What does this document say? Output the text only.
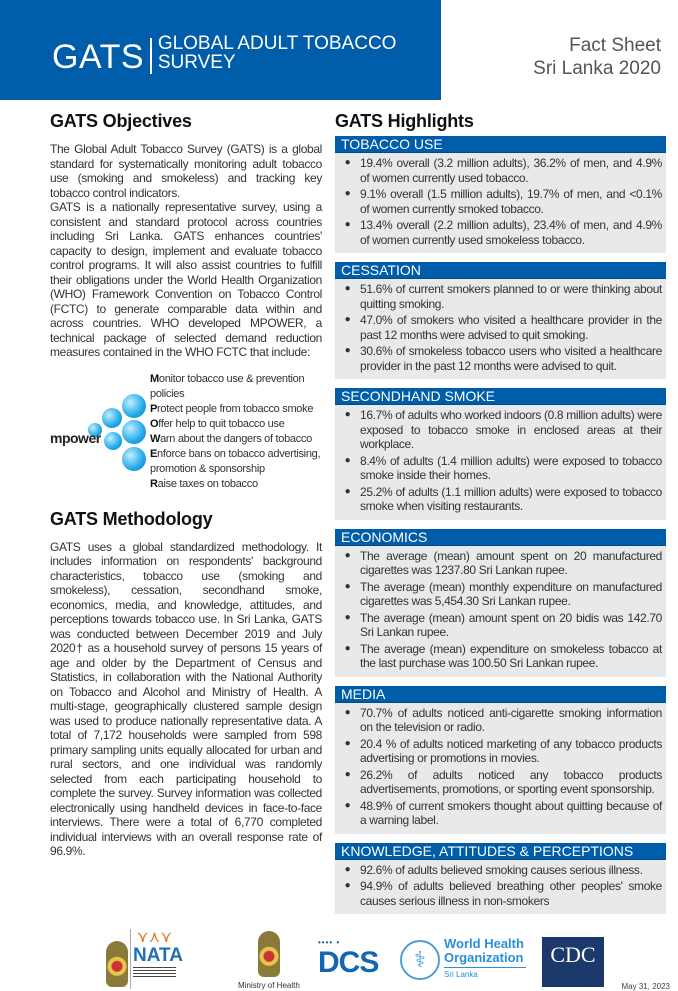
GATS GLOBAL ADULT TOBACCO SURVEY
Fact Sheet
Sri Lanka 2020
GATS Objectives

The Global Adult Tobacco Survey (GATS) is a global standard for systematically monitoring adult tobacco use (smoking and smokeless) and tracking key tobacco control indicators.

GATS is a nationally representative survey, using a consistent and standard protocol across countries including Sri Lanka. GATS enhances countries' capacity to design, implement and evaluate tobacco control programs. It will also assist countries to fulfill their obligations under the World Health Organization (WHO) Framework Convention on Tobacco Control (FCTC) to generate comparable data within and across countries. WHO developed MPOWER, a technical package of selected demand reduction measures contained in the WHO FCTC that include:

mpower
Monitor tobacco use & prevention policies
Protect people from tobacco smoke
Offer help to quit tobacco use
Warn about the dangers of tobacco
Enforce bans on tobacco advertising, promotion & sponsorship
Raise taxes on tobacco
GATS Methodology

GATS uses a global standardized methodology. It includes information on respondents' background characteristics, tobacco use (smoking and smokeless), cessation, secondhand smoke, economics, media, and knowledge, attitudes, and perceptions towards tobacco use. In Sri Lanka, GATS was conducted between December 2019 and July 2020† as a household survey of persons 15 years of age and older by the Department of Census and Statistics, in collaboration with the National Authority on Tobacco and Alcohol and Ministry of Health. A multi-stage, geographically clustered sample design was used to produce nationally representative data. A total of 7,172 households were sampled from 598 primary sampling units equally allocated for urban and rural sectors, and one individual was randomly selected from each participating household to complete the survey. Survey information was collected electronically using handheld devices in face-to-face interviews. There were a total of 6,770 completed individual interviews with an overall response rate of 96.9%.

GATS Highlights
TOBACCO USE
● 19.4% overall (3.2 million adults), 36.2% of men, and 4.9% of women currently used tobacco.
● 9.1% overall (1.5 million adults), 19.7% of men, and <0.1% of women currently smoked tobacco.
● 13.4% overall (2.2 million adults), 23.4% of men, and 4.9% of women currently used smokeless tobacco.
CESSATION
● 51.6% of current smokers planned to or were thinking about quitting smoking.
● 47.0% of smokers who visited a healthcare provider in the past 12 months were advised to quit smoking.
● 30.6% of smokeless tobacco users who visited a healthcare provider in the past 12 months were advised to quit.
SECONDHAND SMOKE
● 16.7% of adults who worked indoors (0.8 million adults) were exposed to tobacco smoke in enclosed areas at their workplace.
● 8.4% of adults (1.4 million adults) were exposed to tobacco smoke inside their homes.
● 25.2% of adults (1.1 million adults) were exposed to tobacco smoke when visiting restaurants.
ECONOMICS
● The average (mean) amount spent on 20 manufactured cigarettes was 1237.80 Sri Lankan rupee.
● The average (mean) monthly expenditure on manufactured cigarettes was 5,454.30 Sri Lankan rupee.
● The average (mean) amount spent on 20 bidis was 142.70 Sri Lankan rupee.
● The average (mean) expenditure on smokeless tobacco at the last purchase was 100.50 Sri Lankan rupee.
MEDIA
● 70.7% of adults noticed anti-cigarette smoking information on the television or radio.
● 20.4 % of adults noticed marketing of any tobacco products advertising or promotions in movies.
● 26.2% of adults noticed any tobacco products advertisements, promotions, or sporting event sponsorship.
● 48.9% of current smokers thought about quitting because of a warning label.
KNOWLEDGE, ATTITUDES & PERCEPTIONS
● 92.6% of adults believed smoking causes serious illness.
● 94.9% of adults believed breathing other peoples' smoke causes serious illness in non-smokers
⋎⋏⋎
NATA
Ministry of Health
•••• •
DCS	⚕
World Health Organization
Sri Lanka
CDC
May 31, 2023
